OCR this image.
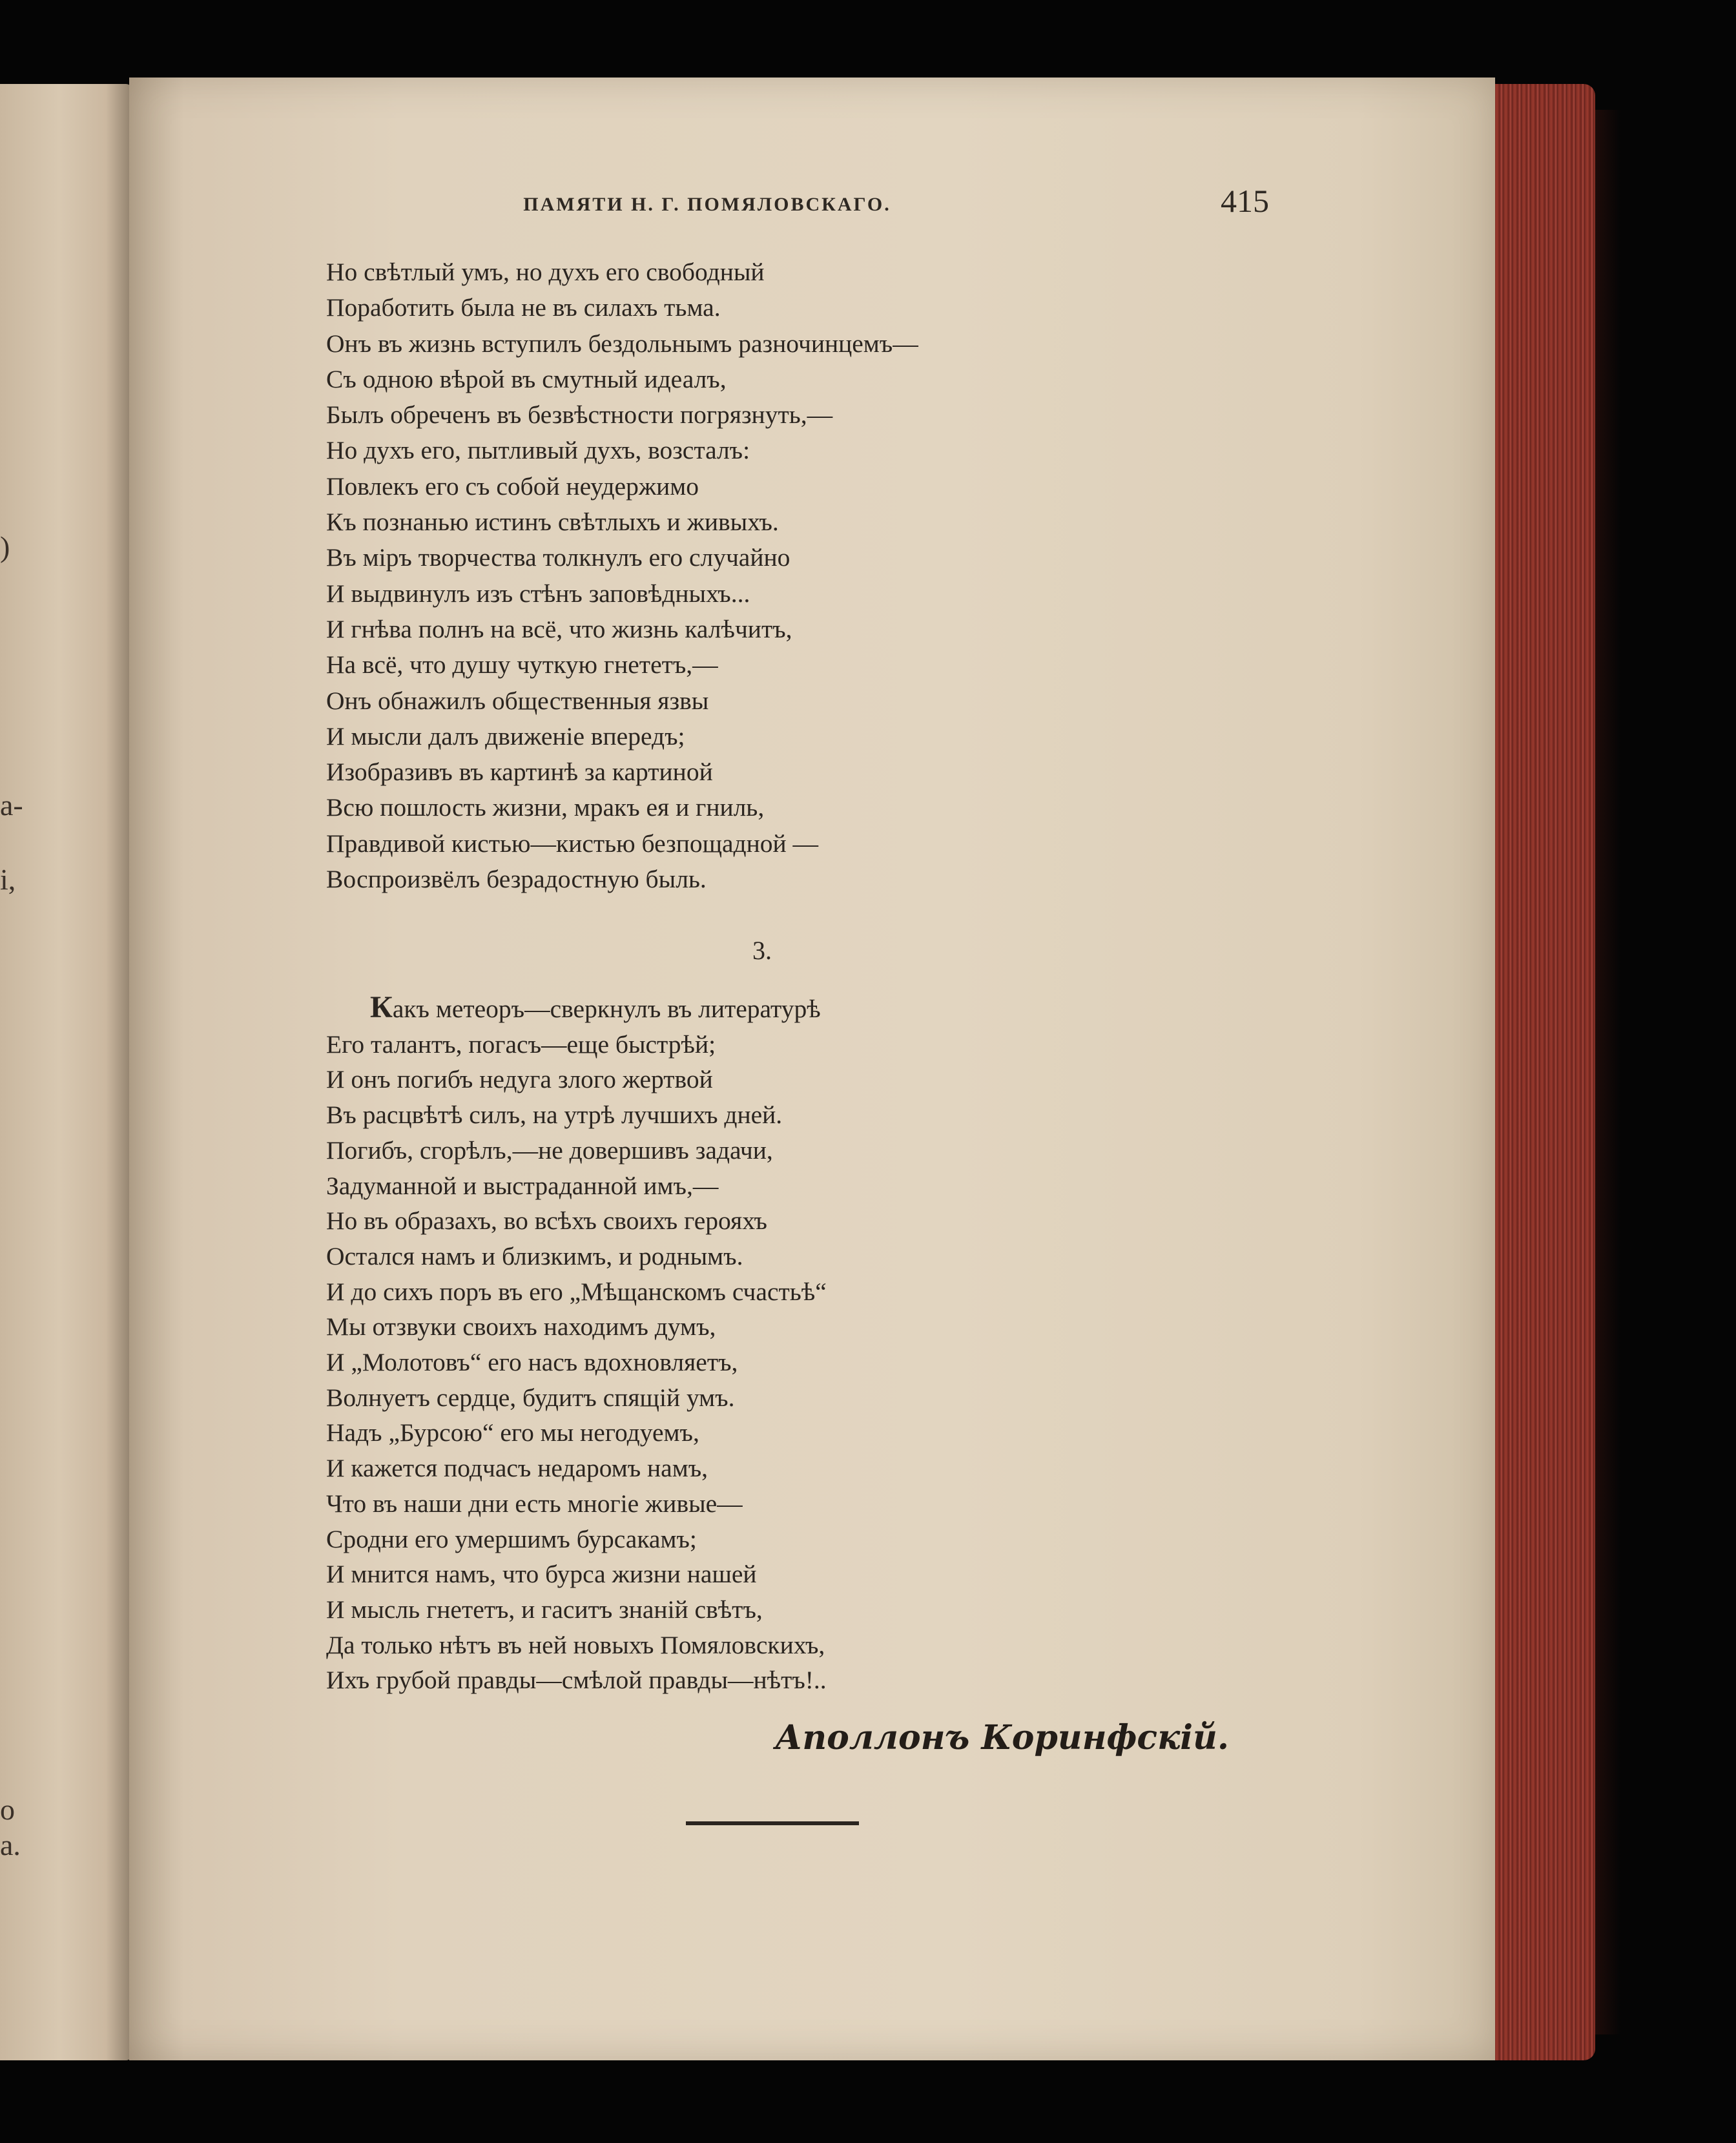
)
а-
і,
о
а.
ПАМЯТИ Н. Г. ПОМЯЛОВСКАГО.	415
Но свѣтлый умъ, но духъ его свободный
Поработить была не въ силахъ тьма.
Онъ въ жизнь вступилъ бездольнымъ разночинцемъ—
Съ одною вѣрой въ смутный идеалъ,
Былъ обреченъ въ безвѣстности погрязнуть,—
Но духъ его, пытливый духъ, возсталъ:
Повлекъ его съ собой неудержимо
Къ познанью истинъ свѣтлыхъ и живыхъ.
Въ міръ творчества толкнулъ его случайно
И выдвинулъ изъ стѣнъ заповѣдныхъ...
И гнѣва полнъ на всё, что жизнь калѣчитъ,
На всё, что душу чуткую гнететъ,—
Онъ обнажилъ общественныя язвы
И мысли далъ движеніе впередъ;
Изобразивъ въ картинѣ за картиной
Всю пошлость жизни, мракъ ея и гниль,
Правдивой кистью—кистью безпощадной —
Воспроизвёлъ безрадостную быль.
3.
Какъ метеоръ—сверкнулъ въ литературѣ
Его талантъ, погасъ—еще быстрѣй;
И онъ погибъ недуга злого жертвой
Въ расцвѣтѣ силъ, на утрѣ лучшихъ дней.
Погибъ, сгорѣлъ,—не довершивъ задачи,
Задуманной и выстраданной имъ,—
Но въ образахъ, во всѣхъ своихъ герояхъ
Остался намъ и близкимъ, и роднымъ.
И до сихъ поръ въ его „Мѣщанскомъ счастьѣ“
Мы отзвуки своихъ находимъ думъ,
И „Молотовъ“ его насъ вдохновляетъ,
Волнуетъ сердце, будитъ спящій умъ.
Надъ „Бурсою“ его мы негодуемъ,
И кажется подчасъ недаромъ намъ,
Что въ наши дни есть многіе живые—
Сродни его умершимъ бурсакамъ;
И мнится намъ, что бурса жизни нашей
И мысль гнететъ, и гаситъ знаній свѣтъ,
Да только нѣтъ въ ней новыхъ Помяловскихъ,
Ихъ грубой правды—смѣлой правды—нѣтъ!..
Аполлонъ Коринфскій.
